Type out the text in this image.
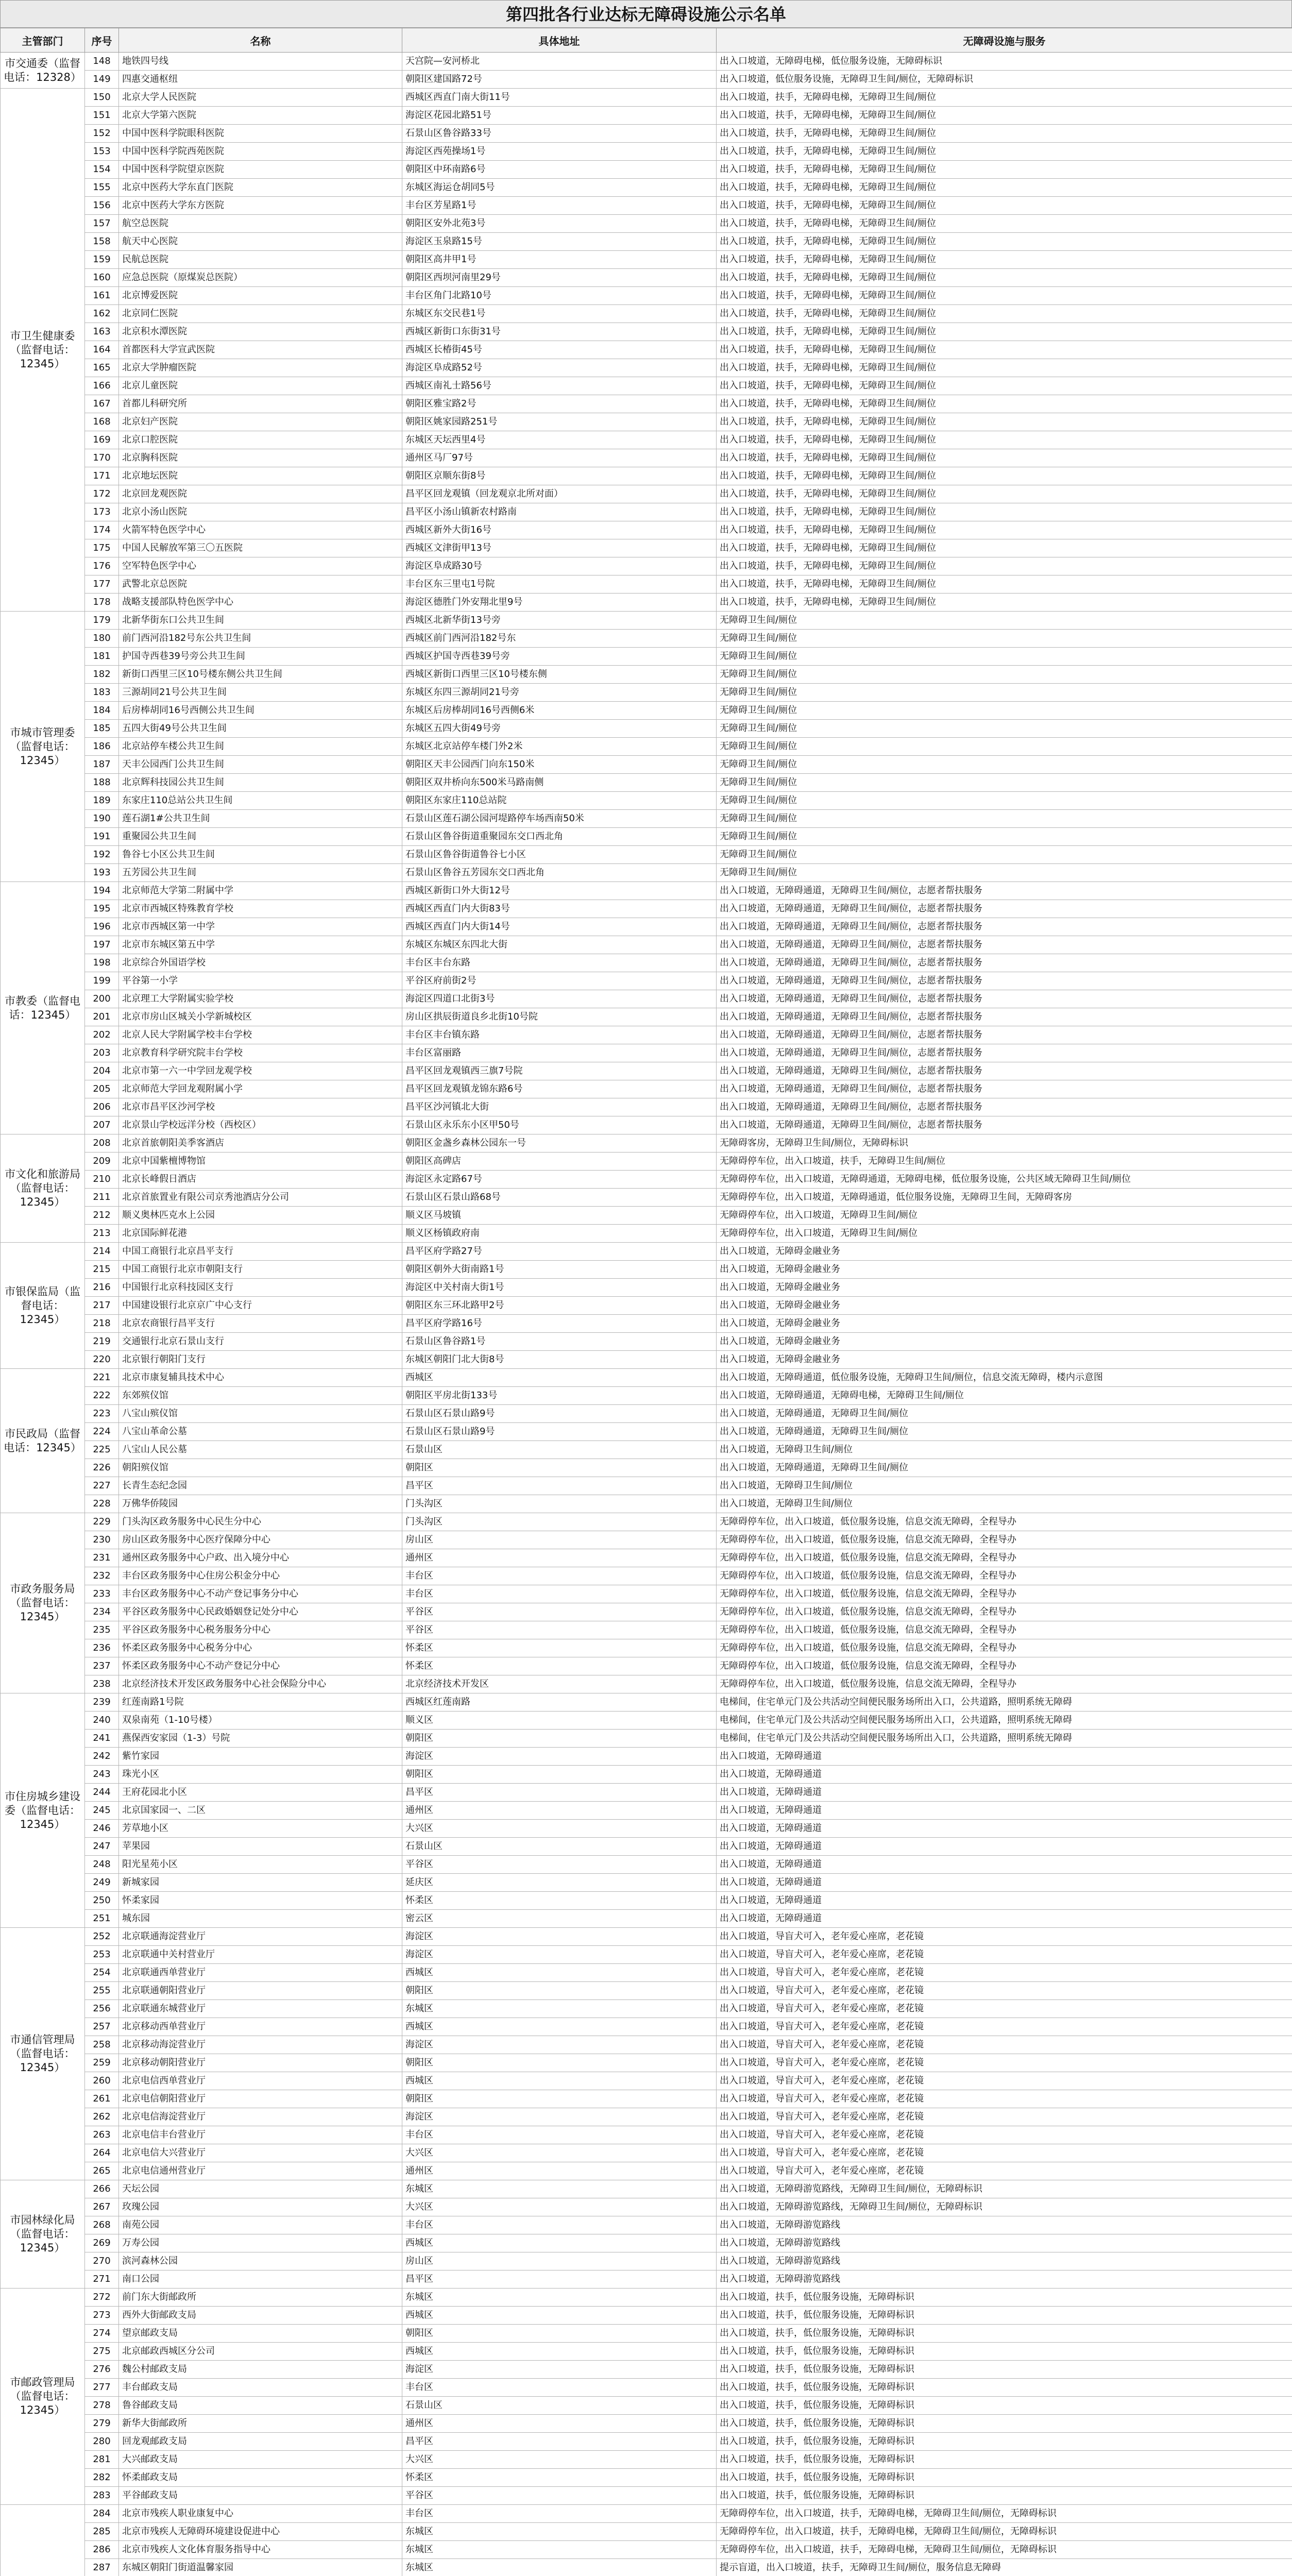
第四批各行业达标无障碍设施公示名单
主管部门	序号	名称	具体地址	无障碍设施与服务
市交通委（监督电话：12328）	148	地铁四号线	天宫院—安河桥北	出入口坡道，无障碍电梯，低位服务设施，无障碍标识
	149	四惠交通枢纽	朝阳区建国路72号	出入口坡道，低位服务设施，无障碍卫生间/厕位，无障碍标识
市卫生健康委（监督电话：12345）	150	北京大学人民医院	西城区西直门南大街11号	出入口坡道，扶手，无障碍电梯，无障碍卫生间/厕位
	151	北京大学第六医院	海淀区花园北路51号	出入口坡道，扶手，无障碍电梯，无障碍卫生间/厕位
	152	中国中医科学院眼科医院	石景山区鲁谷路33号	出入口坡道，扶手，无障碍电梯，无障碍卫生间/厕位
	153	中国中医科学院西苑医院	海淀区西苑操场1号	出入口坡道，扶手，无障碍电梯，无障碍卫生间/厕位
	154	中国中医科学院望京医院	朝阳区中环南路6号	出入口坡道，扶手，无障碍电梯，无障碍卫生间/厕位
	155	北京中医药大学东直门医院	东城区海运仓胡同5号	出入口坡道，扶手，无障碍电梯，无障碍卫生间/厕位
	156	北京中医药大学东方医院	丰台区芳星路1号	出入口坡道，扶手，无障碍电梯，无障碍卫生间/厕位
	157	航空总医院	朝阳区安外北苑3号	出入口坡道，扶手，无障碍电梯，无障碍卫生间/厕位
	158	航天中心医院	海淀区玉泉路15号	出入口坡道，扶手，无障碍电梯，无障碍卫生间/厕位
	159	民航总医院	朝阳区高井甲1号	出入口坡道，扶手，无障碍电梯，无障碍卫生间/厕位
	160	应急总医院（原煤炭总医院）	朝阳区西坝河南里29号	出入口坡道，扶手，无障碍电梯，无障碍卫生间/厕位
	161	北京博爱医院	丰台区角门北路10号	出入口坡道，扶手，无障碍电梯，无障碍卫生间/厕位
	162	北京同仁医院	东城区东交民巷1号	出入口坡道，扶手，无障碍电梯，无障碍卫生间/厕位
	163	北京积水潭医院	西城区新街口东街31号	出入口坡道，扶手，无障碍电梯，无障碍卫生间/厕位
	164	首都医科大学宣武医院	西城区长椿街45号	出入口坡道，扶手，无障碍电梯，无障碍卫生间/厕位
	165	北京大学肿瘤医院	海淀区阜成路52号	出入口坡道，扶手，无障碍电梯，无障碍卫生间/厕位
	166	北京儿童医院	西城区南礼士路56号	出入口坡道，扶手，无障碍电梯，无障碍卫生间/厕位
	167	首都儿科研究所	朝阳区雅宝路2号	出入口坡道，扶手，无障碍电梯，无障碍卫生间/厕位
	168	北京妇产医院	朝阳区姚家园路251号	出入口坡道，扶手，无障碍电梯，无障碍卫生间/厕位
	169	北京口腔医院	东城区天坛西里4号	出入口坡道，扶手，无障碍电梯，无障碍卫生间/厕位
	170	北京胸科医院	通州区马厂97号	出入口坡道，扶手，无障碍电梯，无障碍卫生间/厕位
	171	北京地坛医院	朝阳区京顺东街8号	出入口坡道，扶手，无障碍电梯，无障碍卫生间/厕位
	172	北京回龙观医院	昌平区回龙观镇（回龙观京北所对面）	出入口坡道，扶手，无障碍电梯，无障碍卫生间/厕位
	173	北京小汤山医院	昌平区小汤山镇新农村路南	出入口坡道，扶手，无障碍电梯，无障碍卫生间/厕位
	174	火箭军特色医学中心	西城区新外大街16号	出入口坡道，扶手，无障碍电梯，无障碍卫生间/厕位
	175	中国人民解放军第三〇五医院	西城区文津街甲13号	出入口坡道，扶手，无障碍电梯，无障碍卫生间/厕位
	176	空军特色医学中心	海淀区阜成路30号	出入口坡道，扶手，无障碍电梯，无障碍卫生间/厕位
	177	武警北京总医院	丰台区东三里屯1号院	出入口坡道，扶手，无障碍电梯，无障碍卫生间/厕位
	178	战略支援部队特色医学中心	海淀区德胜门外安翔北里9号	出入口坡道，扶手，无障碍电梯，无障碍卫生间/厕位
市城市管理委（监督电话：12345）	179	北新华街东口公共卫生间	西城区北新华街13号旁	无障碍卫生间/厕位
	180	前门西河沿182号东公共卫生间	西城区前门西河沿182号东	无障碍卫生间/厕位
	181	护国寺西巷39号旁公共卫生间	西城区护国寺西巷39号旁	无障碍卫生间/厕位
	182	新街口西里三区10号楼东侧公共卫生间	西城区新街口西里三区10号楼东侧	无障碍卫生间/厕位
	183	三源胡同21号公共卫生间	东城区东四三源胡同21号旁	无障碍卫生间/厕位
	184	后房棒胡同16号西侧公共卫生间	东城区后房棒胡同16号西侧6米	无障碍卫生间/厕位
	185	五四大街49号公共卫生间	东城区五四大街49号旁	无障碍卫生间/厕位
	186	北京站停车楼公共卫生间	东城区北京站停车楼门外2米	无障碍卫生间/厕位
	187	天丰公园西门公共卫生间	朝阳区天丰公园西门向东150米	无障碍卫生间/厕位
	188	北京辉科技园公共卫生间	朝阳区双井桥向东500米马路南侧	无障碍卫生间/厕位
	189	东家庄110总站公共卫生间	朝阳区东家庄110总站院	无障碍卫生间/厕位
	190	莲石湖1#公共卫生间	石景山区莲石湖公园河堤路停车场西南50米	无障碍卫生间/厕位
	191	重聚园公共卫生间	石景山区鲁谷街道重聚园东交口西北角	无障碍卫生间/厕位
	192	鲁谷七小区公共卫生间	石景山区鲁谷街道鲁谷七小区	无障碍卫生间/厕位
	193	五芳园公共卫生间	石景山区鲁谷五芳园东交口西北角	无障碍卫生间/厕位
市教委（监督电话：12345）	194	北京师范大学第二附属中学	西城区新街口外大街12号	出入口坡道，无障碍通道，无障碍卫生间/厕位，志愿者帮扶服务
	195	北京市西城区特殊教育学校	西城区西直门内大街83号	出入口坡道，无障碍通道，无障碍卫生间/厕位，志愿者帮扶服务
	196	北京市西城区第一中学	西城区西直门内大街14号	出入口坡道，无障碍通道，无障碍卫生间/厕位，志愿者帮扶服务
	197	北京市东城区第五中学	东城区东城区东四北大街	出入口坡道，无障碍通道，无障碍卫生间/厕位，志愿者帮扶服务
	198	北京综合外国语学校	丰台区丰台东路	出入口坡道，无障碍通道，无障碍卫生间/厕位，志愿者帮扶服务
	199	平谷第一小学	平谷区府前街2号	出入口坡道，无障碍通道，无障碍卫生间/厕位，志愿者帮扶服务
	200	北京理工大学附属实验学校	海淀区四道口北街3号	出入口坡道，无障碍通道，无障碍卫生间/厕位，志愿者帮扶服务
	201	北京市房山区城关小学新城校区	房山区拱辰街道良乡北街10号院	出入口坡道，无障碍通道，无障碍卫生间/厕位，志愿者帮扶服务
	202	北京人民大学附属学校丰台学校	丰台区丰台镇东路	出入口坡道，无障碍通道，无障碍卫生间/厕位，志愿者帮扶服务
	203	北京教育科学研究院丰台学校	丰台区富丽路	出入口坡道，无障碍通道，无障碍卫生间/厕位，志愿者帮扶服务
	204	北京市第一六一中学回龙观学校	昌平区回龙观镇西三旗7号院	出入口坡道，无障碍通道，无障碍卫生间/厕位，志愿者帮扶服务
	205	北京师范大学回龙观附属小学	昌平区回龙观镇龙锦东路6号	出入口坡道，无障碍通道，无障碍卫生间/厕位，志愿者帮扶服务
	206	北京市昌平区沙河学校	昌平区沙河镇北大街	出入口坡道，无障碍通道，无障碍卫生间/厕位，志愿者帮扶服务
	207	北京景山学校远洋分校（西校区）	石景山区永乐东小区甲50号	出入口坡道，无障碍通道，无障碍卫生间/厕位，志愿者帮扶服务
市文化和旅游局（监督电话：12345）	208	北京首旅朝阳美季客酒店	朝阳区金盏乡森林公园东一号	无障碍客房，无障碍卫生间/厕位，无障碍标识
	209	北京中国紫檀博物馆	朝阳区高碑店	无障碍停车位，出入口坡道，扶手，无障碍卫生间/厕位
	210	北京长峰假日酒店	海淀区永定路67号	无障碍停车位，出入口坡道，无障碍通道，无障碍电梯，低位服务设施，公共区域无障碍卫生间/厕位
	211	北京首旅置业有限公司京秀池酒店分公司	石景山区石景山路68号	无障碍停车位，出入口坡道，无障碍通道，低位服务设施，无障碍卫生间，无障碍客房
	212	顺义奥林匹克水上公园	顺义区马坡镇	无障碍停车位，出入口坡道，无障碍卫生间/厕位
	213	北京国际鲜花港	顺义区杨镇政府南	无障碍停车位，出入口坡道，无障碍卫生间/厕位
市银保监局（监督电话：12345）	214	中国工商银行北京昌平支行	昌平区府学路27号	出入口坡道，无障碍金融业务
	215	中国工商银行北京市朝阳支行	朝阳区朝外大街南路1号	出入口坡道，无障碍金融业务
	216	中国银行北京科技园区支行	海淀区中关村南大街1号	出入口坡道，无障碍金融业务
	217	中国建设银行北京京广中心支行	朝阳区东三环北路甲2号	出入口坡道，无障碍金融业务
	218	北京农商银行昌平支行	昌平区府学路16号	出入口坡道，无障碍金融业务
	219	交通银行北京石景山支行	石景山区鲁谷路1号	出入口坡道，无障碍金融业务
	220	北京银行朝阳门支行	东城区朝阳门北大街8号	出入口坡道，无障碍金融业务
市民政局（监督电话：12345）	221	北京市康复辅具技术中心	西城区	出入口坡道，无障碍通道，低位服务设施，无障碍卫生间/厕位，信息交流无障碍，楼内示意图
	222	东郊殡仪馆	朝阳区平房北街133号	出入口坡道，无障碍通道，无障碍电梯，无障碍卫生间/厕位
	223	八宝山殡仪馆	石景山区石景山路9号	出入口坡道，无障碍通道，无障碍卫生间/厕位
	224	八宝山革命公墓	石景山区石景山路9号	出入口坡道，无障碍通道，无障碍卫生间/厕位
	225	八宝山人民公墓	石景山区	出入口坡道，无障碍卫生间/厕位
	226	朝阳殡仪馆	朝阳区	出入口坡道，无障碍通道，无障碍卫生间/厕位
	227	长青生态纪念园	昌平区	出入口坡道，无障碍卫生间/厕位
	228	万佛华侨陵园	门头沟区	出入口坡道，无障碍卫生间/厕位
市政务服务局（监督电话：12345）	229	门头沟区政务服务中心民生分中心	门头沟区	无障碍停车位，出入口坡道，低位服务设施，信息交流无障碍，全程导办
	230	房山区政务服务中心医疗保障分中心	房山区	无障碍停车位，出入口坡道，低位服务设施，信息交流无障碍，全程导办
	231	通州区政务服务中心户政、出入境分中心	通州区	无障碍停车位，出入口坡道，低位服务设施，信息交流无障碍，全程导办
	232	丰台区政务服务中心住房公积金分中心	丰台区	无障碍停车位，出入口坡道，低位服务设施，信息交流无障碍，全程导办
	233	丰台区政务服务中心不动产登记事务分中心	丰台区	无障碍停车位，出入口坡道，低位服务设施，信息交流无障碍，全程导办
	234	平谷区政务服务中心民政婚姻登记处分中心	平谷区	无障碍停车位，出入口坡道，低位服务设施，信息交流无障碍，全程导办
	235	平谷区政务服务中心税务服务分中心	平谷区	无障碍停车位，出入口坡道，低位服务设施，信息交流无障碍，全程导办
	236	怀柔区政务服务中心税务分中心	怀柔区	无障碍停车位，出入口坡道，低位服务设施，信息交流无障碍，全程导办
	237	怀柔区政务服务中心不动产登记分中心	怀柔区	无障碍停车位，出入口坡道，低位服务设施，信息交流无障碍，全程导办
	238	北京经济技术开发区政务服务中心社会保险分中心	北京经济技术开发区	无障碍停车位，出入口坡道，低位服务设施，信息交流无障碍，全程导办
市住房城乡建设委（监督电话：12345）	239	红莲南路1号院	西城区红莲南路	电梯间，住宅单元门及公共活动空间便民服务场所出入口，公共道路，照明系统无障碍
	240	双泉南苑（1-10号楼）	顺义区	电梯间，住宅单元门及公共活动空间便民服务场所出入口，公共道路，照明系统无障碍
	241	燕保西安家园（1-3）号院	朝阳区	电梯间，住宅单元门及公共活动空间便民服务场所出入口，公共道路，照明系统无障碍
	242	紫竹家园	海淀区	出入口坡道，无障碍通道
	243	珠光小区	朝阳区	出入口坡道，无障碍通道
	244	王府花园北小区	昌平区	出入口坡道，无障碍通道
	245	北京国家园一、二区	通州区	出入口坡道，无障碍通道
	246	芳草地小区	大兴区	出入口坡道，无障碍通道
	247	苹果园	石景山区	出入口坡道，无障碍通道
	248	阳光星苑小区	平谷区	出入口坡道，无障碍通道
	249	新城家园	延庆区	出入口坡道，无障碍通道
	250	怀柔家园	怀柔区	出入口坡道，无障碍通道
	251	城东园	密云区	出入口坡道，无障碍通道
市通信管理局（监督电话：12345）	252	北京联通海淀营业厅	海淀区	出入口坡道，导盲犬可入，老年爱心座席，老花镜
	253	北京联通中关村营业厅	海淀区	出入口坡道，导盲犬可入，老年爱心座席，老花镜
	254	北京联通西单营业厅	西城区	出入口坡道，导盲犬可入，老年爱心座席，老花镜
	255	北京联通朝阳营业厅	朝阳区	出入口坡道，导盲犬可入，老年爱心座席，老花镜
	256	北京联通东城营业厅	东城区	出入口坡道，导盲犬可入，老年爱心座席，老花镜
	257	北京移动西单营业厅	西城区	出入口坡道，导盲犬可入，老年爱心座席，老花镜
	258	北京移动海淀营业厅	海淀区	出入口坡道，导盲犬可入，老年爱心座席，老花镜
	259	北京移动朝阳营业厅	朝阳区	出入口坡道，导盲犬可入，老年爱心座席，老花镜
	260	北京电信西单营业厅	西城区	出入口坡道，导盲犬可入，老年爱心座席，老花镜
	261	北京电信朝阳营业厅	朝阳区	出入口坡道，导盲犬可入，老年爱心座席，老花镜
	262	北京电信海淀营业厅	海淀区	出入口坡道，导盲犬可入，老年爱心座席，老花镜
	263	北京电信丰台营业厅	丰台区	出入口坡道，导盲犬可入，老年爱心座席，老花镜
	264	北京电信大兴营业厅	大兴区	出入口坡道，导盲犬可入，老年爱心座席，老花镜
	265	北京电信通州营业厅	通州区	出入口坡道，导盲犬可入，老年爱心座席，老花镜
市园林绿化局（监督电话：12345）	266	天坛公园	东城区	出入口坡道，无障碍游览路线，无障碍卫生间/厕位，无障碍标识
	267	玫瑰公园	大兴区	出入口坡道，无障碍游览路线，无障碍卫生间/厕位，无障碍标识
	268	南苑公园	丰台区	出入口坡道，无障碍游览路线
	269	万寿公园	西城区	出入口坡道，无障碍游览路线
	270	滨河森林公园	房山区	出入口坡道，无障碍游览路线
	271	南口公园	昌平区	出入口坡道，无障碍游览路线
市邮政管理局（监督电话：12345）	272	前门东大街邮政所	东城区	出入口坡道，扶手，低位服务设施，无障碍标识
	273	西外大街邮政支局	西城区	出入口坡道，扶手，低位服务设施，无障碍标识
	274	望京邮政支局	朝阳区	出入口坡道，扶手，低位服务设施，无障碍标识
	275	北京邮政西城区分公司	西城区	出入口坡道，扶手，低位服务设施，无障碍标识
	276	魏公村邮政支局	海淀区	出入口坡道，扶手，低位服务设施，无障碍标识
	277	丰台邮政支局	丰台区	出入口坡道，扶手，低位服务设施，无障碍标识
	278	鲁谷邮政支局	石景山区	出入口坡道，扶手，低位服务设施，无障碍标识
	279	新华大街邮政所	通州区	出入口坡道，扶手，低位服务设施，无障碍标识
	280	回龙观邮政支局	昌平区	出入口坡道，扶手，低位服务设施，无障碍标识
	281	大兴邮政支局	大兴区	出入口坡道，扶手，低位服务设施，无障碍标识
	282	怀柔邮政支局	怀柔区	出入口坡道，扶手，低位服务设施，无障碍标识
	283	平谷邮政支局	平谷区	出入口坡道，扶手，低位服务设施，无障碍标识
	284	北京市残疾人职业康复中心	丰台区	无障碍停车位，出入口坡道，扶手，无障碍电梯，无障碍卫生间/厕位，无障碍标识
	285	北京市残疾人无障碍环境建设促进中心	东城区	无障碍停车位，出入口坡道，扶手，无障碍电梯，无障碍卫生间/厕位，无障碍标识
	286	北京市残疾人文化体育服务指导中心	东城区	无障碍停车位，出入口坡道，扶手，无障碍电梯，无障碍卫生间/厕位，无障碍标识
	287	东城区朝阳门街道温馨家园	东城区	提示盲道，出入口坡道，扶手，无障碍卫生间/厕位，服务信息无障碍
